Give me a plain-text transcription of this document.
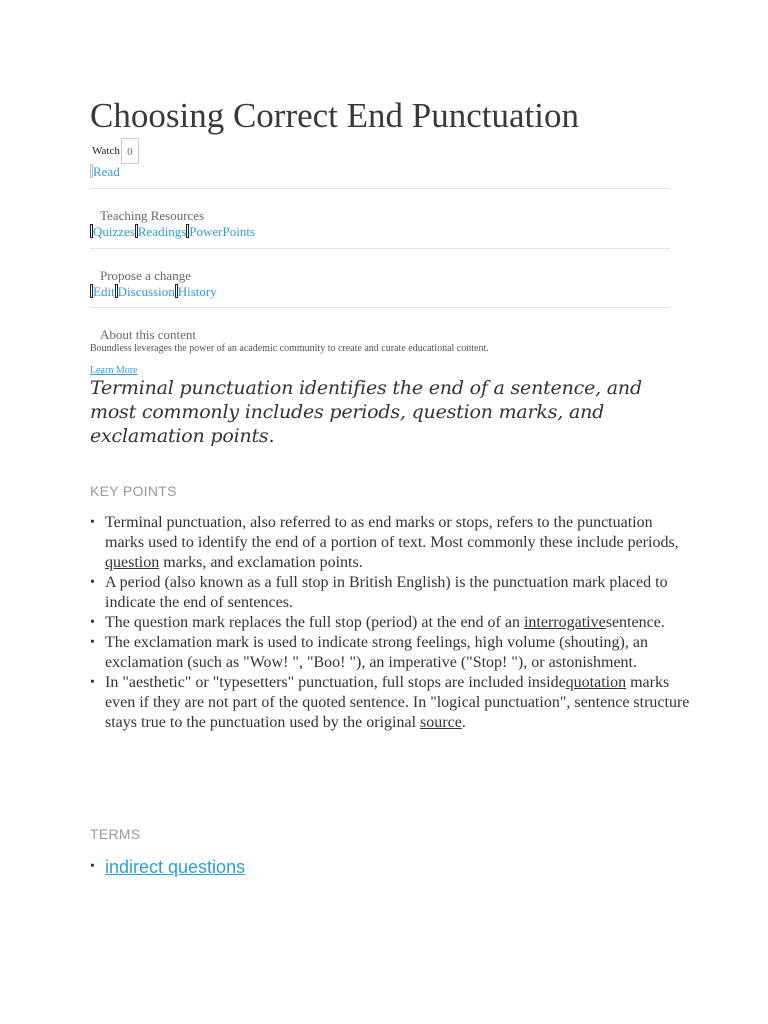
Choosing Correct End Punctuation
Watch 0
Read
Teaching Resources
Quizzes Readings PowerPoints
Propose a change
Edit Discussion History
About this content
Boundless leverages the power of an academic community to create and curate educational content.
Learn More

Terminal punctuation identifies the end of a sentence, and most commonly includes periods, question marks, and exclamation points.

KEY POINTS
• Terminal punctuation, also referred to as end marks or stops, refers to the punctuation marks used to identify the end of a portion of text. Most commonly these include periods, question marks, and exclamation points.
• A period (also known as a full stop in British English) is the punctuation mark placed to indicate the end of sentences.
• The question mark replaces the full stop (period) at the end of an interrogativesentence.
• The exclamation mark is used to indicate strong feelings, high volume (shouting), an exclamation (such as "Wow! ", "Boo! "), an imperative ("Stop! "), or astonishment.
• In "aesthetic" or "typesetters" punctuation, full stops are included insidequotation marks even if they are not part of the quoted sentence. In "logical punctuation", sentence structure stays true to the punctuation used by the original source.
TERMS
• indirect questions
